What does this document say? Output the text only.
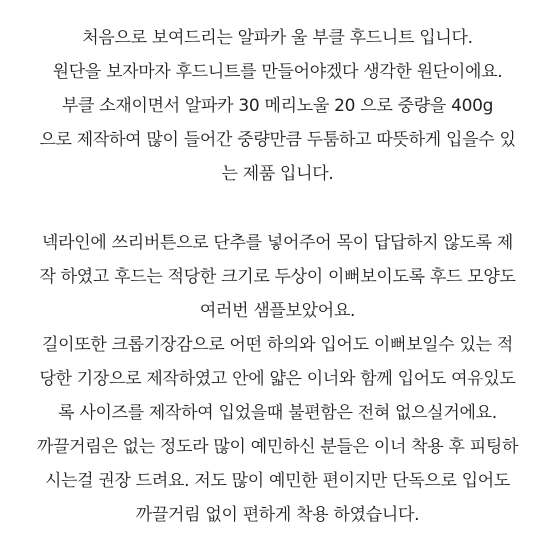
처음으로 보여드리는 알파카 울 부클 후드니트 입니다.
원단을 보자마자 후드니트를 만들어야겠다 생각한 원단이에요.
부클 소재이면서 알파카 30 메리노울 20 으로 중량을 400g
으로 제작하여 많이 들어간 중량만큼 두툼하고 따뜻하게 입을수 있
는 제품 입니다.
넥라인에 쓰리버튼으로 단추를 넣어주어 목이 답답하지 않도록 제
작 하였고 후드는 적당한 크기로 두상이 이뻐보이도록 후드 모양도
여러번 샘플보았어요.
길이또한 크롭기장감으로 어떤 하의와 입어도 이뻐보일수 있는 적
당한 기장으로 제작하였고 안에 얇은 이너와 함께 입어도 여유있도
록 사이즈를 제작하여 입었을때 불편함은 전혀 없으실거에요.
까끌거림은 없는 정도라 많이 예민하신 분들은 이너 착용 후 피팅하
시는걸 권장 드려요. 저도 많이 예민한 편이지만 단독으로 입어도
까끌거림 없이 편하게 착용 하였습니다.
